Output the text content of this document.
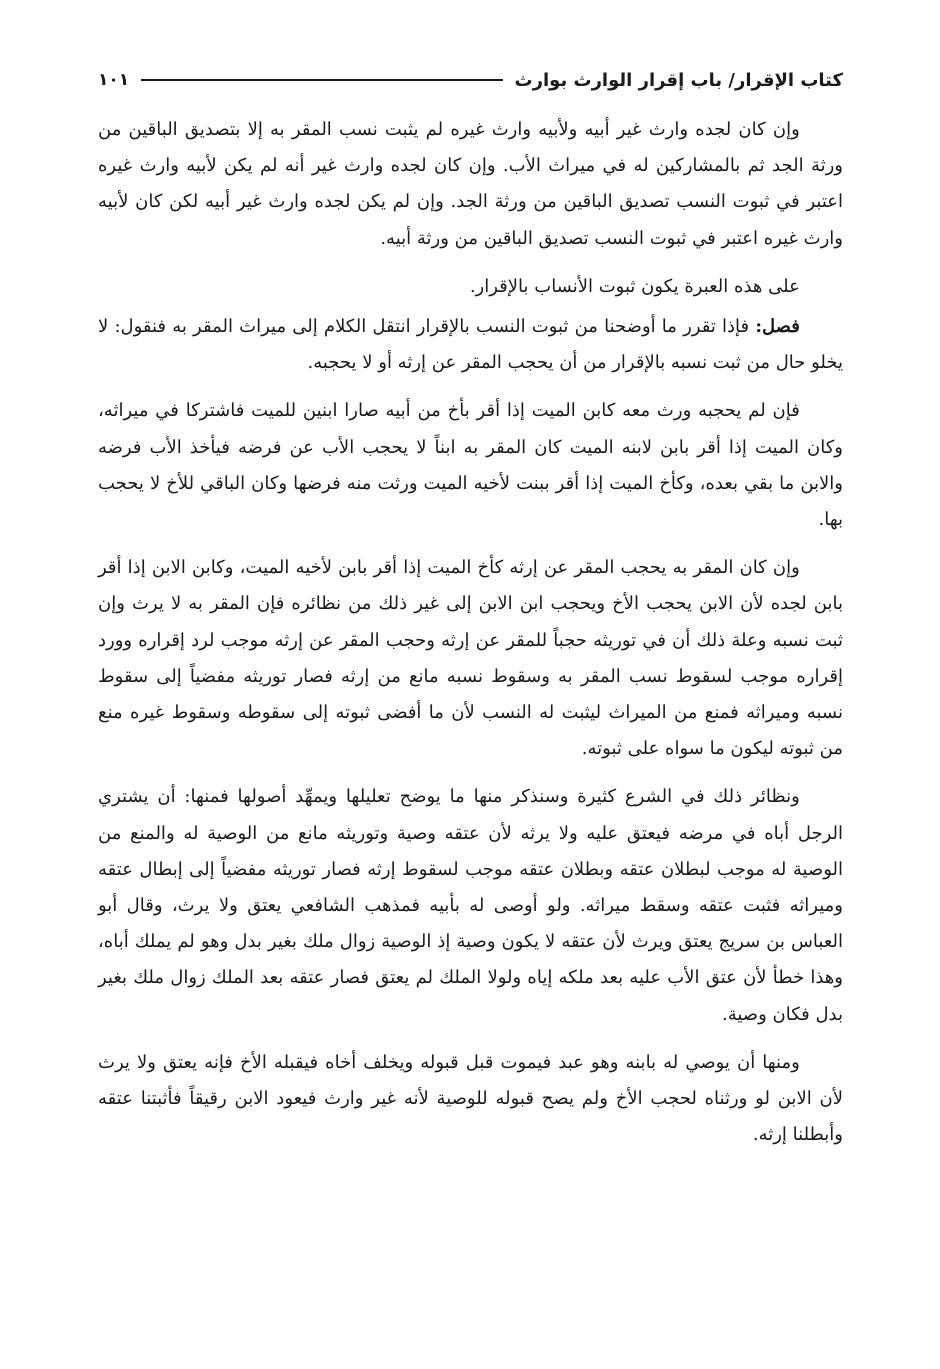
كتاب الإقرار/ باب إقرار الوارث بوارث
١٠١

وإن كان لجده وارث غير أبيه ولأبيه وارث غيره لم يثبت نسب المقر به إلا بتصديق الباقين من ورثة الجد ثم بالمشاركين له في ميراث الأب. وإن كان لجده وارث غير أنه لم يكن لأبيه وارث غيره اعتبر في ثبوت النسب تصديق الباقين من ورثة الجد. وإن لم يكن لجده وارث غير أبيه لكن كان لأبيه وارث غيره اعتبر في ثبوت النسب تصديق الباقين من ورثة أبيه.

على هذه العبرة يكون ثبوت الأنساب بالإقرار.

فصل: فإذا تقرر ما أوضحنا من ثبوت النسب بالإقرار انتقل الكلام إلى ميراث المقر به فنقول: لا يخلو حال من ثبت نسبه بالإقرار من أن يحجب المقر عن إرثه أو لا يحجبه.

فإن لم يحجبه ورث معه كابن الميت إذا أقر بأخ من أبيه صارا ابنين للميت فاشتركا في ميراثه، وكان الميت إذا أقر بابن لابنه الميت كان المقر به ابناً لا يحجب الأب عن فرضه فيأخذ الأب فرضه والابن ما بقي بعده، وكأخ الميت إذا أقر ببنت لأخيه الميت ورثت منه فرضها وكان الباقي للأخ لا يحجب بها.

وإن كان المقر به يحجب المقر عن إرثه كأخ الميت إذا أقر بابن لأخيه الميت، وكابن الابن إذا أقر بابن لجده لأن الابن يحجب الأخ ويحجب ابن الابن إلى غير ذلك من نظائره فإن المقر به لا يرث وإن ثبت نسبه وعلة ذلك أن في توريثه حجباً للمقر عن إرثه وحجب المقر عن إرثه موجب لرد إقراره وورد إقراره موجب لسقوط نسب المقر به وسقوط نسبه مانع من إرثه فصار توريثه مفضياً إلى سقوط نسبه وميراثه فمنع من الميراث ليثبت له النسب لأن ما أفضى ثبوته إلى سقوطه وسقوط غيره منع من ثبوته ليكون ما سواه على ثبوته.

ونظائر ذلك في الشرع كثيرة وسنذكر منها ما يوضح تعليلها ويمهِّد أصولها فمنها: أن يشتري الرجل أباه في مرضه فيعتق عليه ولا يرثه لأن عتقه وصية وتوريثه مانع من الوصية له والمنع من الوصية له موجب لبطلان عتقه وبطلان عتقه موجب لسقوط إرثه فصار توريثه مفضياً إلى إبطال عتقه وميراثه فثبت عتقه وسقط ميراثه. ولو أوصى له بأبيه فمذهب الشافعي يعتق ولا يرث، وقال أبو العباس بن سريج يعتق ويرث لأن عتقه لا يكون وصية إذ الوصية زوال ملك بغير بدل وهو لم يملك أباه، وهذا خطأ لأن عتق الأب عليه بعد ملكه إياه ولولا الملك لم يعتق فصار عتقه بعد الملك زوال ملك بغير بدل فكان وصية.

ومنها أن يوصي له بابنه وهو عبد فيموت قبل قبوله ويخلف أخاه فيقبله الأخ فإنه يعتق ولا يرث لأن الابن لو ورثناه لحجب الأخ ولم يصح قبوله للوصية لأنه غير وارث فيعود الابن رقيقاً فأثبتنا عتقه وأبطلنا إرثه.
